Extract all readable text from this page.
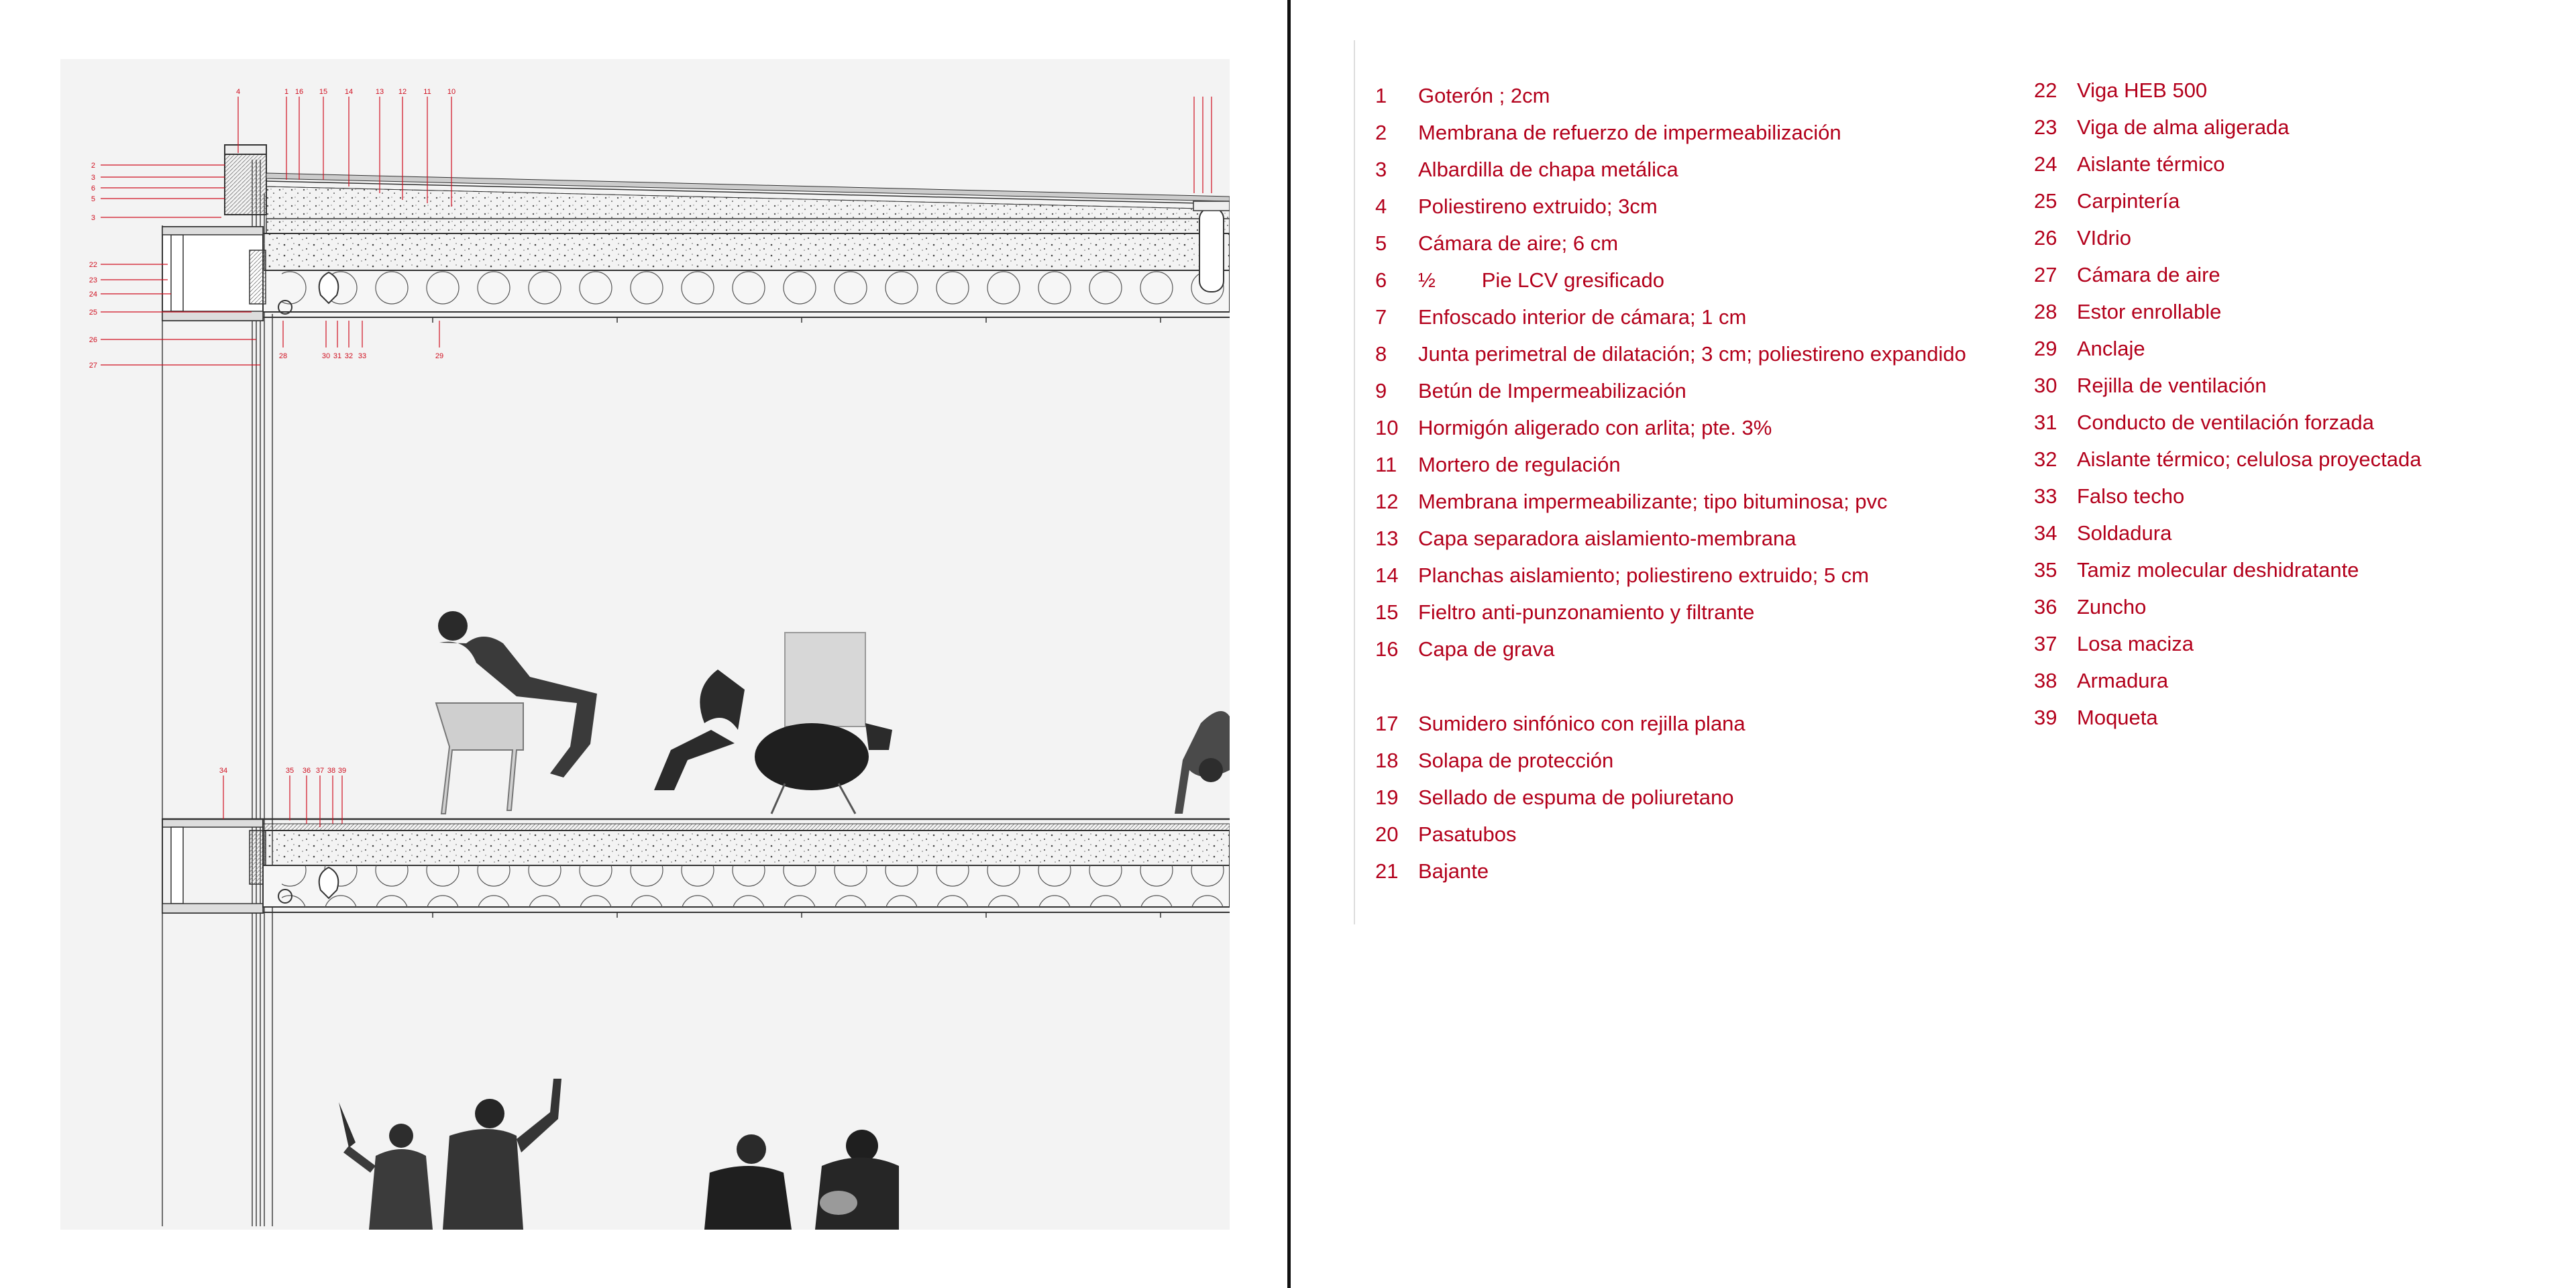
4	1 16 15 14	13 12 11 10
2
3
6
5
3
22
23
24
25
26
27
28	30 31 32 33	29
34	35 36 37 38 39
1 Goterón ; 2cm
2 Membrana de refuerzo de impermeabilización
3 Albardilla de chapa metálica
4 Poliestireno extruido; 3cm
5 Cámara de aire; 6 cm
6 ½        Pie LCV gresificado
7 Enfoscado interior de cámara; 1 cm
8 Junta perimetral de dilatación; 3 cm; poliestireno expandido
9 Betún de Impermeabilización
10 Hormigón aligerado con arlita; pte. 3%
11 Mortero de regulación
12 Membrana impermeabilizante; tipo bituminosa; pvc
13 Capa separadora aislamiento-membrana
14 Planchas aislamiento; poliestireno extruido; 5 cm
15 Fieltro anti-punzonamiento y filtrante
16 Capa de grava
17 Sumidero sinfónico con rejilla plana
18 Solapa de protección
19 Sellado de espuma de poliuretano
20 Pasatubos
21 Bajante
22 Viga HEB 500
23 Viga de alma aligerada
24 Aislante térmico
25 Carpintería
26 VIdrio
27 Cámara de aire
28 Estor enrollable
29 Anclaje
30 Rejilla de ventilación
31 Conducto de ventilación forzada
32 Aislante térmico; celulosa proyectada
33 Falso techo
34 Soldadura
35 Tamiz molecular deshidratante
36 Zuncho
37 Losa maciza
38 Armadura
39 Moqueta
